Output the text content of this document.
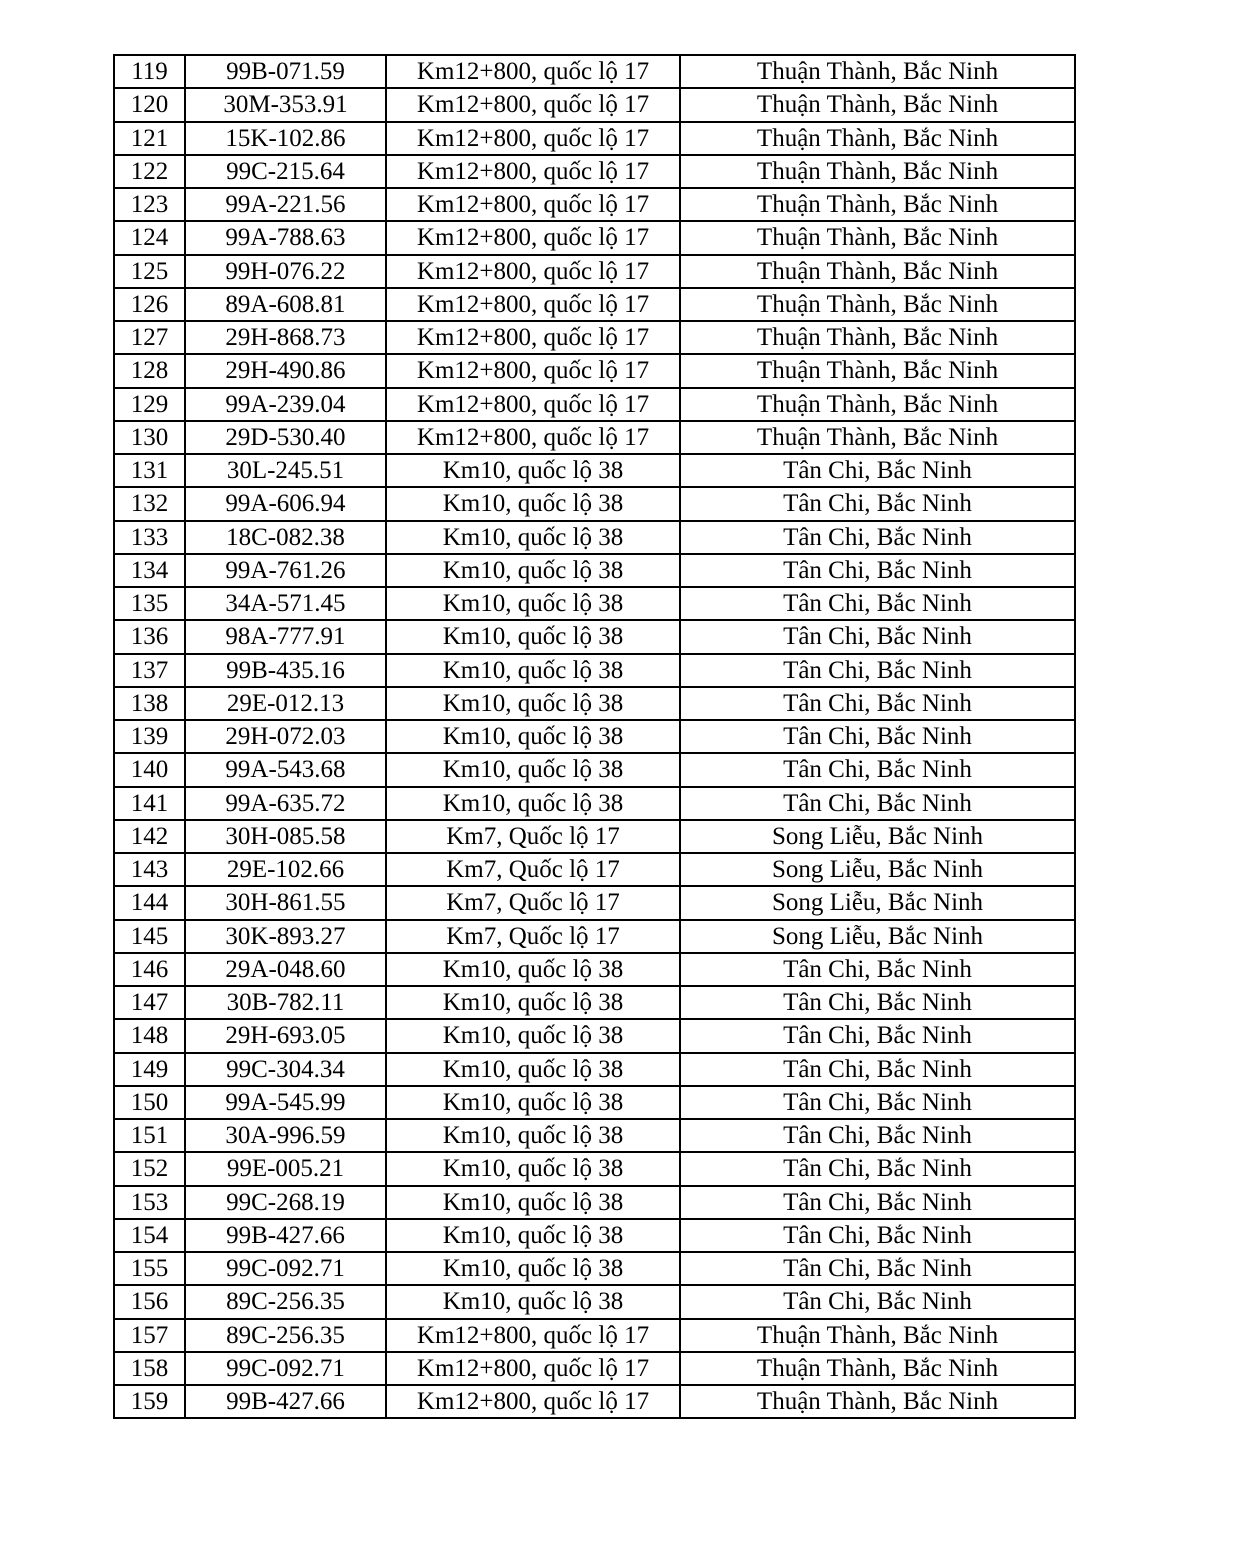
119	99B-071.59	Km12+800, quốc lộ 17	Thuận Thành, Bắc Ninh
120	30M-353.91	Km12+800, quốc lộ 17	Thuận Thành, Bắc Ninh
121	15K-102.86	Km12+800, quốc lộ 17	Thuận Thành, Bắc Ninh
122	99C-215.64	Km12+800, quốc lộ 17	Thuận Thành, Bắc Ninh
123	99A-221.56	Km12+800, quốc lộ 17	Thuận Thành, Bắc Ninh
124	99A-788.63	Km12+800, quốc lộ 17	Thuận Thành, Bắc Ninh
125	99H-076.22	Km12+800, quốc lộ 17	Thuận Thành, Bắc Ninh
126	89A-608.81	Km12+800, quốc lộ 17	Thuận Thành, Bắc Ninh
127	29H-868.73	Km12+800, quốc lộ 17	Thuận Thành, Bắc Ninh
128	29H-490.86	Km12+800, quốc lộ 17	Thuận Thành, Bắc Ninh
129	99A-239.04	Km12+800, quốc lộ 17	Thuận Thành, Bắc Ninh
130	29D-530.40	Km12+800, quốc lộ 17	Thuận Thành, Bắc Ninh
131	30L-245.51	Km10, quốc lộ 38	Tân Chi, Bắc Ninh
132	99A-606.94	Km10, quốc lộ 38	Tân Chi, Bắc Ninh
133	18C-082.38	Km10, quốc lộ 38	Tân Chi, Bắc Ninh
134	99A-761.26	Km10, quốc lộ 38	Tân Chi, Bắc Ninh
135	34A-571.45	Km10, quốc lộ 38	Tân Chi, Bắc Ninh
136	98A-777.91	Km10, quốc lộ 38	Tân Chi, Bắc Ninh
137	99B-435.16	Km10, quốc lộ 38	Tân Chi, Bắc Ninh
138	29E-012.13	Km10, quốc lộ 38	Tân Chi, Bắc Ninh
139	29H-072.03	Km10, quốc lộ 38	Tân Chi, Bắc Ninh
140	99A-543.68	Km10, quốc lộ 38	Tân Chi, Bắc Ninh
141	99A-635.72	Km10, quốc lộ 38	Tân Chi, Bắc Ninh
142	30H-085.58	Km7, Quốc lộ 17	Song Liễu, Bắc Ninh
143	29E-102.66	Km7, Quốc lộ 17	Song Liễu, Bắc Ninh
144	30H-861.55	Km7, Quốc lộ 17	Song Liễu, Bắc Ninh
145	30K-893.27	Km7, Quốc lộ 17	Song Liễu, Bắc Ninh
146	29A-048.60	Km10, quốc lộ 38	Tân Chi, Bắc Ninh
147	30B-782.11	Km10, quốc lộ 38	Tân Chi, Bắc Ninh
148	29H-693.05	Km10, quốc lộ 38	Tân Chi, Bắc Ninh
149	99C-304.34	Km10, quốc lộ 38	Tân Chi, Bắc Ninh
150	99A-545.99	Km10, quốc lộ 38	Tân Chi, Bắc Ninh
151	30A-996.59	Km10, quốc lộ 38	Tân Chi, Bắc Ninh
152	99E-005.21	Km10, quốc lộ 38	Tân Chi, Bắc Ninh
153	99C-268.19	Km10, quốc lộ 38	Tân Chi, Bắc Ninh
154	99B-427.66	Km10, quốc lộ 38	Tân Chi, Bắc Ninh
155	99C-092.71	Km10, quốc lộ 38	Tân Chi, Bắc Ninh
156	89C-256.35	Km10, quốc lộ 38	Tân Chi, Bắc Ninh
157	89C-256.35	Km12+800, quốc lộ 17	Thuận Thành, Bắc Ninh
158	99C-092.71	Km12+800, quốc lộ 17	Thuận Thành, Bắc Ninh
159	99B-427.66	Km12+800, quốc lộ 17	Thuận Thành, Bắc Ninh
